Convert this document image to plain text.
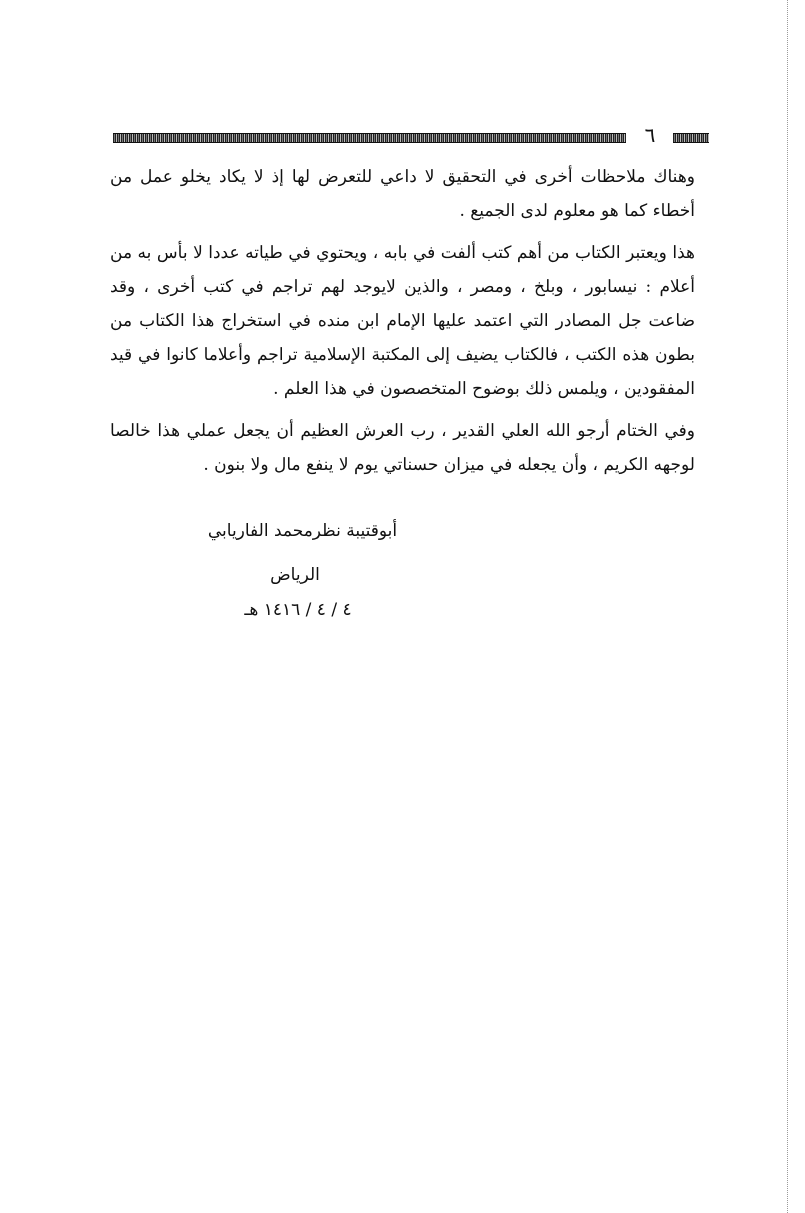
٦

وهناك ملاحظات أخرى في التحقيق لا داعي للتعرض لها إذ لا يكاد يخلو عمل من أخطاء كما هو معلوم لدى الجميع .

هذا ويعتبر الكتاب من أهم كتب ألفت في بابه ، ويحتوي في طياته عددا لا بأس به من أعلام : نيسابور ، وبلخ ، ومصر ، والذين لايوجد لهم تراجم في كتب أخرى ، وقد ضاعت جل المصادر التي اعتمد عليها الإمام ابن منده في استخراج هذا الكتاب من بطون هذه الكتب ، فالكتاب يضيف إلى المكتبة الإسلامية تراجم وأعلاما كانوا في قيد المفقودين ، ويلمس ذلك بوضوح المتخصصون في هذا العلم .

وفي الختام أرجو الله العلي القدير ، رب العرش العظيم أن يجعل عملي هذا خالصا لوجهه الكريم ، وأن يجعله في ميزان حسناتي يوم لا ينفع مال ولا بنون .

أبوقتيبة نظرمحمد الفاريابي
الرياض
٤ / ٤ / ١٤١٦ هـ
